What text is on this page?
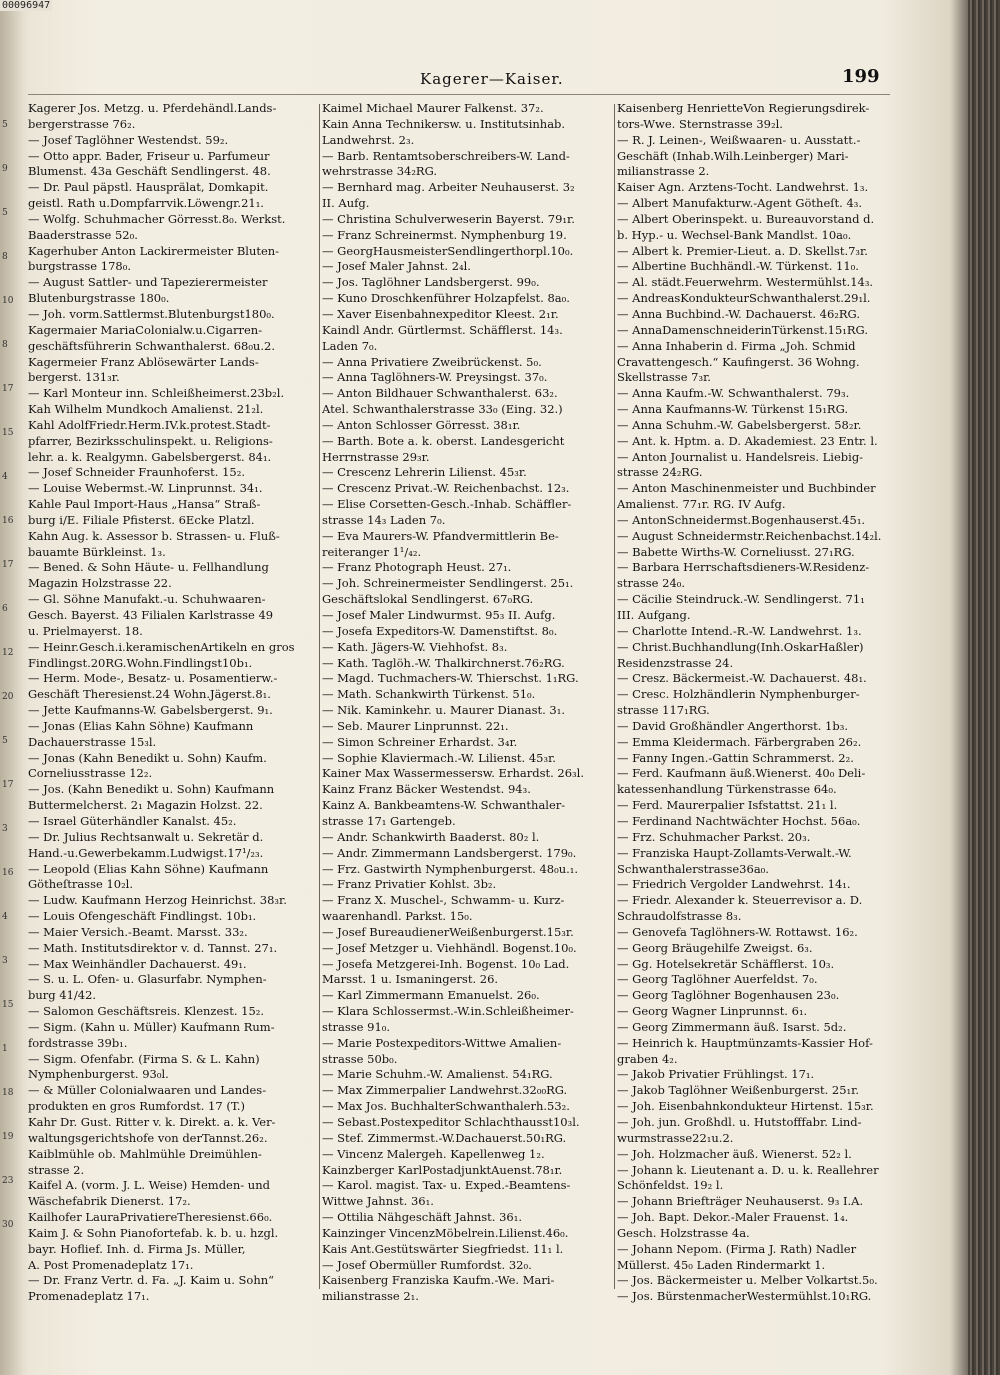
5
9
5
8
10
8
17
15
4
16
17
6
12
20
5
17
3
16
4
3
15
1
18
19
23
30
00096947
Kagerer—Kaiser.	199
Kagerer Jos. Metzg. u. Pferdehändl.Lands-
bergerstrasse 76₂.
— Josef Taglöhner Westendst. 59₂.
— Otto appr. Bader, Friseur u. Parfumeur
Blumenst. 43a Geschäft Sendlingerst. 48.
— Dr. Paul päpstl. Hausprälat, Domkapit.
geistl. Rath u.Dompfarrvik.Löwengr.21₁.
— Wolfg. Schuhmacher Görresst.8₀. Werkst.
Baaderstrasse 52₀.
Kagerhuber Anton Lackirermeister Bluten-
burgstrasse 178₀.
— August Sattler- und Tapezierermeister
Blutenburgstrasse 180₀.
— Joh. vorm.Sattlermst.Blutenburgst180₀.
Kagermaier MariaColonialw.u.Cigarren-
geschäftsführerin Schwanthalerst. 68₀u.2.
Kagermeier Franz Ablösewärter Lands-
bergerst. 131₃r.
— Karl Monteur inn. Schleißheimerst.23b₂l.
Kah Wilhelm Mundkoch Amalienst. 21₂l.
Kahl AdolfFriedr.Herm.IV.k.protest.Stadt-
pfarrer, Bezirksschulinspekt. u. Religions-
lehr. a. k. Realgymn. Gabelsbergerst. 84₁.
— Josef Schneider Fraunhoferst. 15₂.
— Louise Webermst.-W. Linprunnst. 34₁.
Kahle Paul Import-Haus „Hansa“ Straß-
burg i/E. Filiale Pfisterst. 6Ecke Platzl.
Kahn Aug. k. Assessor b. Strassen- u. Fluß-
bauamte Bürkleinst. 1₃.
— Bened. & Sohn Häute- u. Fellhandlung
Magazin Holzstrasse 22.
— Gl. Söhne Manufakt.-u. Schuhwaaren-
Gesch. Bayerst. 43 Filialen Karlstrasse 49
u. Prielmayerst. 18.
— Heinr.Gesch.i.keramischenArtikeln en gros
Findlingst.20RG.Wohn.Findlingst10b₁.
— Herm. Mode-, Besatz- u. Posamentierw.-
Geschäft Theresienst.24 Wohn.Jägerst.8₁.
— Jette Kaufmanns-W. Gabelsbergerst. 9₁.
— Jonas (Elias Kahn Söhne) Kaufmann
Dachauerstrasse 15₃l.
— Jonas (Kahn Benedikt u. Sohn) Kaufm.
Corneliusstrasse 12₂.
— Jos. (Kahn Benedikt u. Sohn) Kaufmann
Buttermelcherst. 2₁ Magazin Holzst. 22.
— Israel Güterhändler Kanalst. 45₂.
— Dr. Julius Rechtsanwalt u. Sekretär d.
Hand.-u.Gewerbekamm.Ludwigst.17¹/₂₃.
— Leopold (Elias Kahn Söhne) Kaufmann
Götheſtrasse 10₂l.
— Ludw. Kaufmann Herzog Heinrichst. 38₃r.
— Louis Ofengeschäft Findlingst. 10b₁.
— Maier Versich.-Beamt. Marsst. 33₂.
— Math. Institutsdirektor v. d. Tannst. 27₁.
— Max Weinhändler Dachauerst. 49₁.
— S. u. L. Ofen- u. Glasurfabr. Nymphen-
burg 41/42.
— Salomon Geschäftsreis. Klenzest. 15₂.
— Sigm. (Kahn u. Müller) Kaufmann Rum-
fordstrasse 39b₁.
— Sigm. Ofenfabr. (Firma S. & L. Kahn)
Nymphenburgerst. 93₀l.
— & Müller Colonialwaaren und Landes-
produkten en gros Rumfordst. 17 (T.)
Kahr Dr. Gust. Ritter v. k. Direkt. a. k. Ver-
waltungsgerichtshofe von derTannst.26₂.
Kaiblmühle ob. Mahlmühle Dreimühlen-
strasse 2.
Kaifel A. (vorm. J. L. Weise) Hemden- und
Wäschefabrik Dienerst. 17₂.
Kailhofer LauraPrivatiereTheresienst.66₀.
Kaim J. & Sohn Pianofortefab. k. b. u. hzgl.
bayr. Hoflief. Inh. d. Firma Js. Müller,
A. Post Promenadeplatz 17₁.
— Dr. Franz Vertr. d. Fa. „J. Kaim u. Sohn“
Promenadeplatz 17₁.
Kaimel Michael Maurer Falkenst. 37₂.
Kain Anna Technikersw. u. Institutsinhab.
Landwehrst. 2₃.
— Barb. Rentamtsoberschreibers-W. Land-
wehrstrasse 34₂RG.
— Bernhard mag. Arbeiter Neuhauserst. 3₂
II. Aufg.
— Christina Schulverweserin Bayerst. 79₁r.
— Franz Schreinermst. Nymphenburg 19.
— GeorgHausmeisterSendlingerthorpl.10₀.
— Josef Maler Jahnst. 2₄l.
— Jos. Taglöhner Landsbergerst. 99₀.
— Kuno Droschkenführer Holzapfelst. 8a₀.
— Xaver Eisenbahnexpeditor Kleest. 2₁r.
Kaindl Andr. Gürtlermst. Schäfflerst. 14₃.
Laden 7₀.
— Anna Privatiere Zweibrückenst. 5₀.
— Anna Taglöhners-W. Preysingst. 37₀.
— Anton Bildhauer Schwanthalerst. 63₂.
Atel. Schwanthalerstrasse 33₀ (Eing. 32.)
— Anton Schlosser Görresst. 38₁r.
— Barth. Bote a. k. oberst. Landesgericht
Herrnstrasse 29₃r.
— Crescenz Lehrerin Lilienst. 45₃r.
— Crescenz Privat.-W. Reichenbachst. 12₃.
— Elise Corsetten-Gesch.-Inhab. Schäffler-
strasse 14₃ Laden 7₀.
— Eva Maurers-W. Pfandvermittlerin Be-
reiteranger 1¹/₄₂.
— Franz Photograph Heust. 27₁.
— Joh. Schreinermeister Sendlingerst. 25₁.
Geschäftslokal Sendlingerst. 67₀RG.
— Josef Maler Lindwurmst. 95₃ II. Aufg.
— Josefa Expeditors-W. Damenstiftst. 8₀.
— Kath. Jägers-W. Viehhofst. 8₃.
— Kath. Taglöh.-W. Thalkirchnerst.76₂RG.
— Magd. Tuchmachers-W. Thierschst. 1₁RG.
— Math. Schankwirth Türkenst. 51₀.
— Nik. Kaminkehr. u. Maurer Dianast. 3₁.
— Seb. Maurer Linprunnst. 22₁.
— Simon Schreiner Erhardst. 3₄r.
— Sophie Klaviermach.-W. Lilienst. 45₃r.
Kainer Max Wassermessersw. Erhardst. 26₃l.
Kainz Franz Bäcker Westendst. 94₃.
Kainz A. Bankbeamtens-W. Schwanthaler-
strasse 17₁ Gartengeb.
— Andr. Schankwirth Baaderst. 80₂ l.
— Andr. Zimmermann Landsbergerst. 179₀.
— Frz. Gastwirth Nymphenburgerst. 48₀u.₁.
— Franz Privatier Kohlst. 3b₂.
— Franz X. Muschel-, Schwamm- u. Kurz-
waarenhandl. Parkst. 15₀.
— Josef BureaudienerWeißenburgerst.15₃r.
— Josef Metzger u. Viehhändl. Bogenst.10₀.
— Josefa Metzgerei-Inh. Bogenst. 10₀ Lad.
Marsst. 1 u. Ismaningerst. 26.
— Karl Zimmermann Emanuelst. 26₀.
— Klara Schlossermst.-W.in.Schleißheimer-
strasse 91₀.
— Marie Postexpeditors-Wittwe Amalien-
strasse 50b₀.
— Marie Schuhm.-W. Amalienst. 54₁RG.
— Max Zimmerpalier Landwehrst.32₀₀RG.
— Max Jos. BuchhalterSchwanthalerh.53₂.
— Sebast.Postexpeditor Schlachthausst10₃l.
— Stef. Zimmermst.-W.Dachauerst.50₁RG.
— Vincenz Malergeh. Kapellenweg 1₂.
Kainzberger KarlPostadjunktAuenst.78₁r.
— Karol. magist. Tax- u. Exped.-Beamtens-
Wittwe Jahnst. 36₁.
— Ottilia Nähgeschäft Jahnst. 36₁.
Kainzinger VincenzMöbelrein.Lilienst.46₀.
Kais Ant.Gestütswärter Siegfriedst. 11₁ l.
— Josef Obermüller Rumfordst. 32₀.
Kaisenberg Franziska Kaufm.-We. Mari-
milianstrasse 2₁.
Kaisenberg HenrietteVon Regierungsdirek-
tors-Wwe. Sternstrasse 39₂l.
— R. J. Leinen-, Weißwaaren- u. Ausstatt.-
Geschäft (Inhab.Wilh.Leinberger) Mari-
milianstrasse 2.
Kaiser Agn. Arztens-Tocht. Landwehrst. 1₃.
— Albert Manufakturw.-Agent Götheſt. 4₃.
— Albert Oberinspekt. u. Bureauvorstand d.
b. Hyp.- u. Wechsel-Bank Mandlst. 10a₀.
— Albert k. Premier-Lieut. a. D. Skellst.7₃r.
— Albertine Buchhändl.-W. Türkenst. 11₀.
— Al. städt.Feuerwehrm. Westermühlst.14₃.
— AndreasKondukteurSchwanthalerst.29₁l.
— Anna Buchbind.-W. Dachauerst. 46₂RG.
— AnnaDamenschneiderinTürkenst.15₁RG.
— Anna Inhaberin d. Firma „Joh. Schmid
Cravattengesch.“ Kaufingerst. 36 Wohng.
Skellstrasse 7₃r.
— Anna Kaufm.-W. Schwanthalerst. 79₃.
— Anna Kaufmanns-W. Türkenst 15₁RG.
— Anna Schuhm.-W. Gabelsbergerst. 58₂r.
— Ant. k. Hptm. a. D. Akademiest. 23 Entr. l.
— Anton Journalist u. Handelsreis. Liebig-
strasse 24₂RG.
— Anton Maschinenmeister und Buchbinder
Amalienst. 77₁r. RG. IV Aufg.
— AntonSchneidermst.Bogenhauserst.45₁.
— August Schneidermstr.Reichenbachst.14₂l.
— Babette Wirths-W. Corneliusst. 27₁RG.
— Barbara Herrschaftsdieners-W.Residenz-
strasse 24₀.
— Cäcilie Steindruck.-W. Sendlingerst. 71₁
III. Aufgang.
— Charlotte Intend.-R.-W. Landwehrst. 1₃.
— Christ.Buchhandlung(Inh.OskarHaßler)
Residenzstrasse 24.
— Cresz. Bäckermeist.-W. Dachauerst. 48₁.
— Cresc. Holzhändlerin Nymphenburger-
strasse 117₁RG.
— David Großhändler Angerthorst. 1b₃.
— Emma Kleidermach. Färbergraben 26₂.
— Fanny Ingen.-Gattin Schrammerst. 2₂.
— Ferd. Kaufmann äuß.Wienerst. 40₀ Deli-
katessenhandlung Türkenstrasse 64₀.
— Ferd. Maurerpalier Isfstattst. 21₁ l.
— Ferdinand Nachtwächter Hochst. 56a₀.
— Frz. Schuhmacher Parkst. 20₃.
— Franziska Haupt-Zollamts-Verwalt.-W.
Schwanthalerstrasse36a₀.
— Friedrich Vergolder Landwehrst. 14₁.
— Friedr. Alexander k. Steuerrevisor a. D.
Schraudolfstrasse 8₃.
— Genovefa Taglöhners-W. Rottawst. 16₂.
— Georg Bräugehilfe Zweigst. 6₃.
— Gg. Hotelsekretär Schäfflerst. 10₃.
— Georg Taglöhner Auerfeldst. 7₀.
— Georg Taglöhner Bogenhausen 23₀.
— Georg Wagner Linprunnst. 6₁.
— Georg Zimmermann äuß. Isarst. 5d₂.
— Heinrich k. Hauptmünzamts-Kassier Hof-
graben 4₂.
— Jakob Privatier Frühlingst. 17₁.
— Jakob Taglöhner Weißenburgerst. 25₁r.
— Joh. Eisenbahnkondukteur Hirtenst. 15₃r.
— Joh. jun. Großhdl. u. Hutstofffabr. Lind-
wurmstrasse22₁u.2.
— Joh. Holzmacher äuß. Wienerst. 52₂ l.
— Johann k. Lieutenant a. D. u. k. Reallehrer
Schönfeldst. 19₂ l.
— Johann Briefträger Neuhauserst. 9₃ I.A.
— Joh. Bapt. Dekor.-Maler Frauenst. 1₄.
Gesch. Holzstrasse 4a.
— Johann Nepom. (Firma J. Rath) Nadler
Müllerst. 45₀ Laden Rindermarkt 1.
— Jos. Bäckermeister u. Melber Volkartst.5₀.
— Jos. BürstenmacherWestermühlst.10₁RG.
